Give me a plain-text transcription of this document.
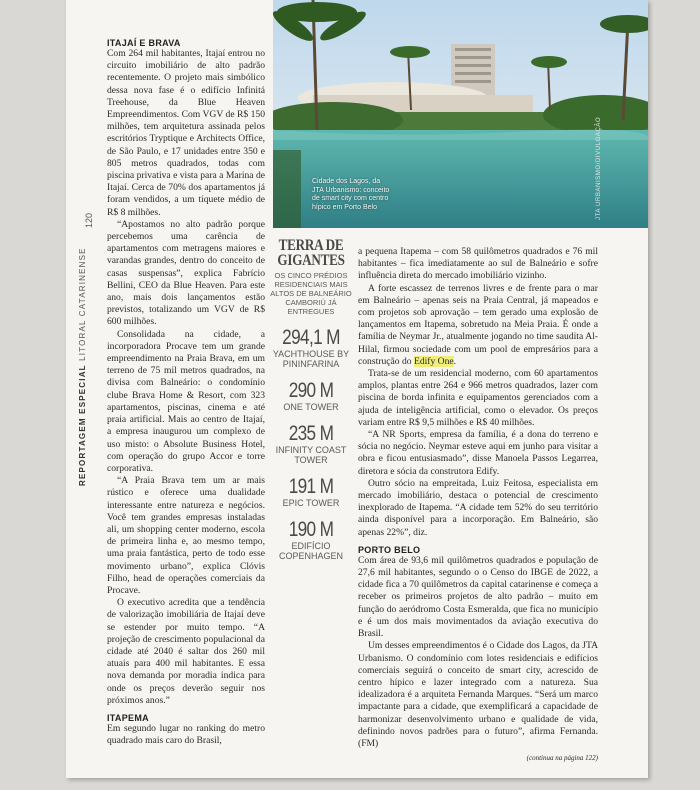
120
REPORTAGEM ESPECIAL LITORAL CATARINENSE
ITAJAÍ E BRAVA

Com 264 mil habitantes, Itajaí entrou no circuito imobiliário de alto padrão recentemente. O projeto mais simbólico dessa nova fase é o edifício Infinitá Treehouse, da Blue Heaven Empreendimentos. Com VGV de R$ 150 milhões, tem arquitetura assinada pelos escritórios Tryptique e Architects Office, de São Paulo, e 17 unidades entre 350 e 805 metros quadrados, todas com piscina privativa e vista para a Marina de Itajaí. Cerca de 70% dos apartamentos já foram vendidos, a um tíquete médio de R$ 8 milhões.

“Apostamos no alto padrão porque percebemos uma carência de apartamentos com metragens maiores e varandas grandes, dentro do conceito de casas suspensas”, explica Fabrício Bellini, CEO da Blue Heaven. Para este ano, mais dois lançamentos estão previstos, totalizando um VGV de R$ 600 milhões.

Consolidada na cidade, a incorporadora Procave tem um grande empreendimento na Praia Brava, em um terreno de 75 mil metros quadrados, na divisa com Balneário: o condomínio clube Brava Home & Resort, com 323 apartamentos, piscinas, cinema e até praia artificial. Mais ao centro de Itajaí, a empresa inaugurou um complexo de uso misto: o Absolute Business Hotel, com operação do grupo Accor e torre corporativa.

“A Praia Brava tem um ar mais rústico e oferece uma dualidade interessante entre natureza e negócios. Você tem grandes empresas instaladas ali, um shopping center moderno, escola de primeira linha e, ao mesmo tempo, uma praia fantástica, perto de todo esse movimento urbano”, explica Clóvis Filho, head de operações comerciais da Procave.

O executivo acredita que a tendência de valorização imobiliária de Itajaí deve se estender por muito tempo. “A projeção de crescimento populacional da cidade até 2040 é saltar dos 260 mil atuais para 400 mil habitantes. E essa nova demanda por moradia indica para onde os preços deverão seguir nos próximos anos.”

ITAPEMA

Em segundo lugar no ranking do metro quadrado mais caro do Brasil,

Cidade dos Lagos, da JTA Urbanismo: conceito de smart city com centro hípico em Porto Belo	JTA URBANISMO/DIVULGAÇÃO
TERRA DE GIGANTES
OS CINCO PRÉDIOS RESIDENCIAIS MAIS ALTOS DE BALNEÁRIO CAMBORIÚ JÁ ENTREGUES
294,1 M
YACHTHOUSE BY PININFARINA
290 M
ONE TOWER
235 M
INFINITY COAST TOWER
191 M
EPIC TOWER
190 M
EDIFÍCIO COPENHAGEN

a pequena Itapema – com 58 quilômetros quadrados e 76 mil habitantes – fica imediatamente ao sul de Balneário e sofre influência direta do mercado imobiliário vizinho.

A forte escassez de terrenos livres e de frente para o mar em Balneário – apenas seis na Praia Central, já mapeados e com projetos sob aprovação – tem gerado uma explosão de lançamentos em Itapema, sobretudo na Meia Praia. É onde a família de Neymar Jr., atualmente jogando no time saudita Al-Hilal, firmou sociedade com um pool de empresários para a construção do Edify One.

Trata-se de um residencial moderno, com 60 apartamentos amplos, plantas entre 264 e 966 metros quadrados, lazer com piscina de borda infinita e equipamentos gerenciados com a ajuda de inteligência artificial, como o elevador. Os preços variam entre R$ 9,5 milhões e R$ 40 milhões.

“A NR Sports, empresa da família, é a dona do terreno e sócia no negócio. Neymar esteve aqui em junho para visitar a obra e ficou entusiasmado”, disse Manoela Passos Legarrea, diretora e sócia da construtora Edify.

Outro sócio na empreitada, Luiz Feitosa, especialista em mercado imobiliário, destaca o potencial de crescimento inexplorado de Itapema. “A cidade tem 52% do seu território ainda disponível para a incorporação. Em Balneário, são apenas 22%”, diz.

PORTO BELO

Com área de 93,6 mil quilômetros quadrados e população de 27,6 mil habitantes, segundo o o Censo do IBGE de 2022, a cidade fica a 70 quilômetros da capital catarinense e começa a receber os primeiros projetos de alto padrão – muito em função do aeródromo Costa Esmeralda, que fica no município e é um dos mais movimentados da aviação executiva do Brasil.

Um desses empreendimentos é o Cidade dos Lagos, da JTA Urbanismo. O condomínio com lotes residenciais e edifícios comerciais seguirá o conceito de smart city, acrescido de centro hípico e lazer integrado com a natureza. Sua idealizadora é a arquiteta Fernanda Marques. “Será um marco impactante para a cidade, que exemplificará a capacidade de harmonizar desenvolvimento urbano e qualidade de vida, definindo novos padrões para o futuro”, afirma Fernanda. (FM)

(continua na página 122)
